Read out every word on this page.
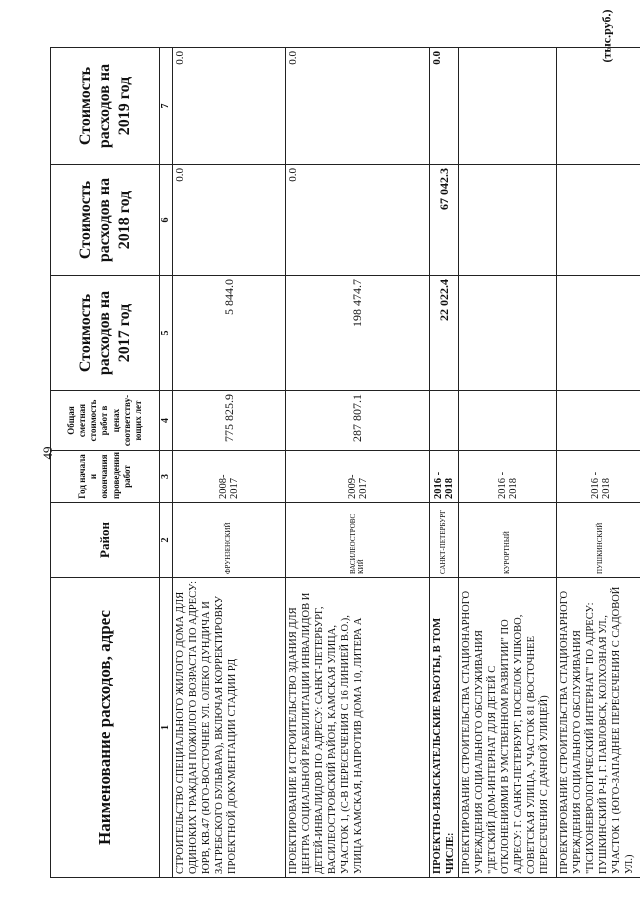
49
(тыс.руб.)
Наименование расходов, адрес	Район	Год начала и окончания проведения работ	Общая сметная стоимость работ в ценах соответству-ющих лет	Стоимость расходов на 2017 год	Стоимость расходов на 2018 год	Стоимость расходов на 2019 год
1	2	3	4	5	6	7
СТРОИТЕЛЬСТВО СПЕЦИАЛЬНОГО ЖИЛОГО ДОМА ДЛЯ ОДИНОКИХ ГРАЖДАН ПОЖИЛОГО ВОЗРАСТА ПО АДРЕСУ: ЮРВ, КВ.47 (ЮГО-ВОСТОЧНЕЕ УЛ. ОЛЕКО ДУНДИЧА И ЗАГРЕБСКОГО БУЛЬВАРА), ВКЛЮЧАЯ КОРРЕКТИРОВКУ ПРОЕКТНОЙ ДОКУМЕНТАЦИИ СТАДИИ РД	ФРУНЗЕНСКИЙ	2008-2017	775 825.9	5 844.0	0.0	0.0
ПРОЕКТИРОВАНИЕ И СТРОИТЕЛЬСТВО ЗДАНИЯ ДЛЯ ЦЕНТРА СОЦИАЛЬНОЙ РЕАБИЛИТАЦИИ ИНВАЛИДОВ И ДЕТЕЙ-ИНВАЛИДОВ ПО АДРЕСУ: САНКТ-ПЕТЕРБУРГ, ВАСИЛЕОСТРОВСКИЙ РАЙОН, КАМСКАЯ УЛИЦА, УЧАСТОК 1, (С-В ПЕРЕСЕЧЕНИЯ С 16 ЛИНИЕЙ В.О.), УЛИЦА КАМСКАЯ, НАПРОТИВ ДОМА 10, ЛИТЕРА А	ВАСИЛЕОСТРОВС КИЙ	2009-2017	287 807.1	198 474.7	0.0	0.0
ПРОЕКТНО-ИЗЫСКАТЕЛЬСКИЕ РАБОТЫ, В ТОМ ЧИСЛЕ:	САНКТ-ПЕТЕРБУРГ	2016 - 2018		22 022.4	67 042.3	0.0
ПРОЕКТИРОВАНИЕ СТРОИТЕЛЬСТВА СТАЦИОНАРНОГО УЧРЕЖДЕНИЯ СОЦИАЛЬНОГО ОБСЛУЖИВАНИЯ "ДЕТСКИЙ ДОМ-ИНТЕРНАТ ДЛЯ ДЕТЕЙ С ОТКЛОНЕНИЯМИ В УМСТВЕННОМ РАЗВИТИИ" ПО АДРЕСУ: Г. САНКТ-ПЕТЕРБУРГ, ПОСЕЛОК УШКОВО, СОВЕТСКАЯ УЛИЦА, УЧАСТОК 81 (ВОСТОЧНЕЕ ПЕРЕСЕЧЕНИЯ С ДАЧНОЙ УЛИЦЕЙ)	КУРОРТНЫЙ	2016 - 2018				
ПРОЕКТИРОВАНИЕ СТРОИТЕЛЬСТВА СТАЦИОНАРНОГО УЧРЕЖДЕНИЯ СОЦИАЛЬНОГО ОБСЛУЖИВАНИЯ "ПСИХОНЕВРОЛОГИЧЕСКИЙ ИНТЕРНАТ" ПО АДРЕСУ: ПУШКИНСКИЙ Р-Н, Г. ПАВЛОВСК, КОЛХОЗНАЯ УЛ., УЧАСТОК 1 (ЮГО-ЗАПАДНЕЕ ПЕРЕСЕЧЕНИЯ С САДОВОЙ УЛ.)	ПУШКИНСКИЙ	2016 - 2018				
